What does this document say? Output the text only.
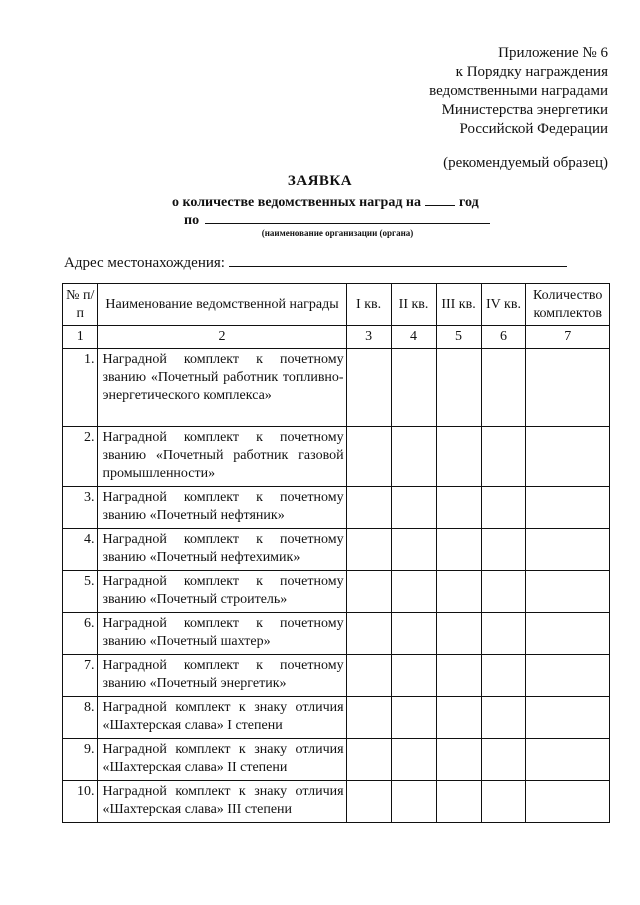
Приложение № 6
к Порядку награждения
ведомственными наградами
Министерства энергетики
Российской Федерации
(рекомендуемый образец)
ЗАЯВКА
о количестве ведомственных наград на	год
по
(наименование организации (органа)
Адрес местонахождения:
№ п/п	Наименование ведомственной награды	I кв.	II кв.	III кв.	IV кв.	Количество комплектов
1	2	3	4	5	6	7
1.	Наградной комплект к почетному званию «Почетный работник топливно-энергетического комплекса»					
2.	Наградной комплект к почетному званию «Почетный работник газовой промышленности»					
3.	Наградной комплект к почетному званию «Почетный нефтяник»					
4.	Наградной комплект к почетному званию «Почетный нефтехимик»					
5.	Наградной комплект к почетному званию «Почетный строитель»					
6.	Наградной комплект к почетному званию «Почетный шахтер»					
7.	Наградной комплект к почетному званию «Почетный энергетик»					
8.	Наградной комплект к знаку отличия «Шахтерская слава» I степени					
9.	Наградной комплект к знаку отличия «Шахтерская слава» II степени					
10.	Наградной комплект к знаку отличия «Шахтерская слава» III степени					
